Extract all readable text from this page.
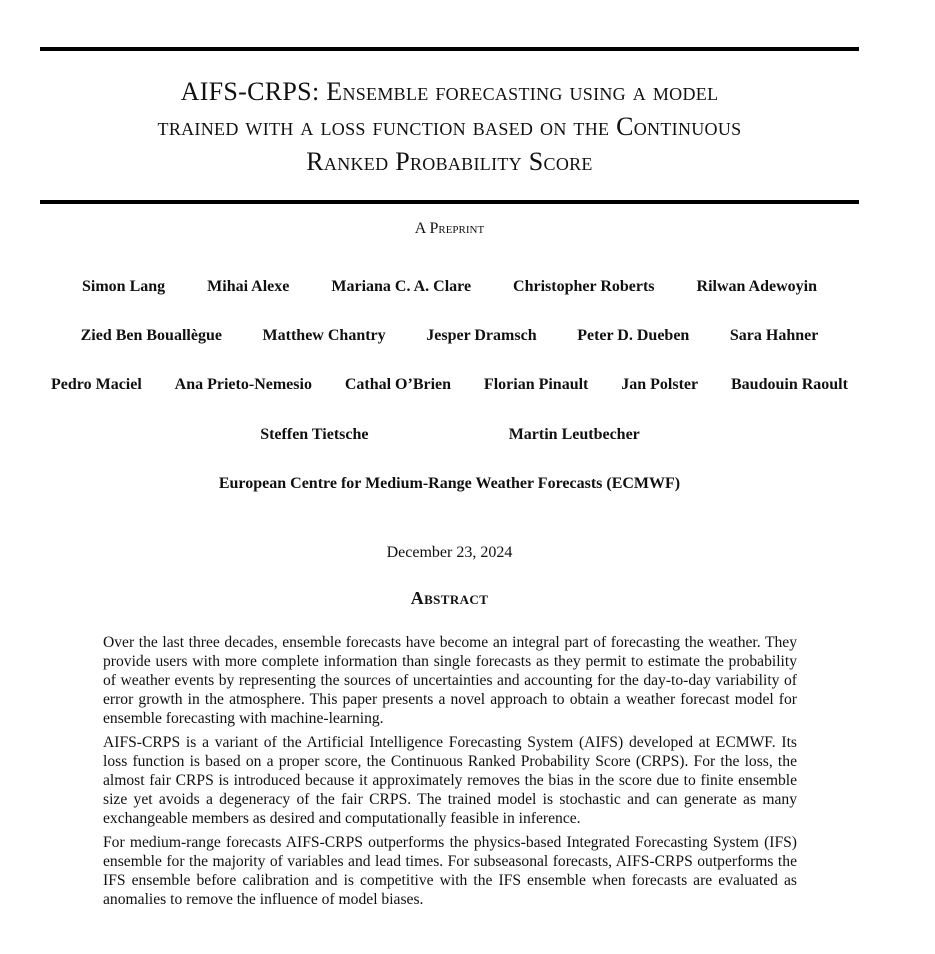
AIFS-CRPS: Ensemble forecasting using a model
trained with a loss function based on the Continuous
Ranked Probability Score
A Preprint
Simon Lang	Mihai Alexe	Mariana C. A. Clare	Christopher Roberts	Rilwan Adewoyin
Zied Ben Bouallègue	Matthew Chantry	Jesper Dramsch	Peter D. Dueben	Sara Hahner
Pedro Maciel Ana Prieto-Nemesio Cathal O’Brien Florian Pinault Jan Polster Baudouin Raoult
Steffen Tietsche	Martin Leutbecher
European Centre for Medium-Range Weather Forecasts (ECMWF)
December 23, 2024
Abstract

Over the last three decades, ensemble forecasts have become an integral part of forecasting the weather. They provide users with more complete information than single forecasts as they permit to estimate the probability of weather events by representing the sources of uncertainties and accounting for the day-to-day variability of error growth in the atmosphere. This paper presents a novel approach to obtain a weather forecast model for ensemble forecasting with machine-learning.

AIFS-CRPS is a variant of the Artificial Intelligence Forecasting System (AIFS) developed at ECMWF. Its loss function is based on a proper score, the Continuous Ranked Probability Score (CRPS). For the loss, the almost fair CRPS is introduced because it approximately removes the bias in the score due to finite ensemble size yet avoids a degeneracy of the fair CRPS. The trained model is stochastic and can generate as many exchangeable members as desired and computationally feasible in inference.

For medium-range forecasts AIFS-CRPS outperforms the physics-based Integrated Forecasting System (IFS) ensemble for the majority of variables and lead times. For subseasonal forecasts, AIFS-CRPS outperforms the IFS ensemble before calibration and is competitive with the IFS ensemble when forecasts are evaluated as anomalies to remove the influence of model biases.
